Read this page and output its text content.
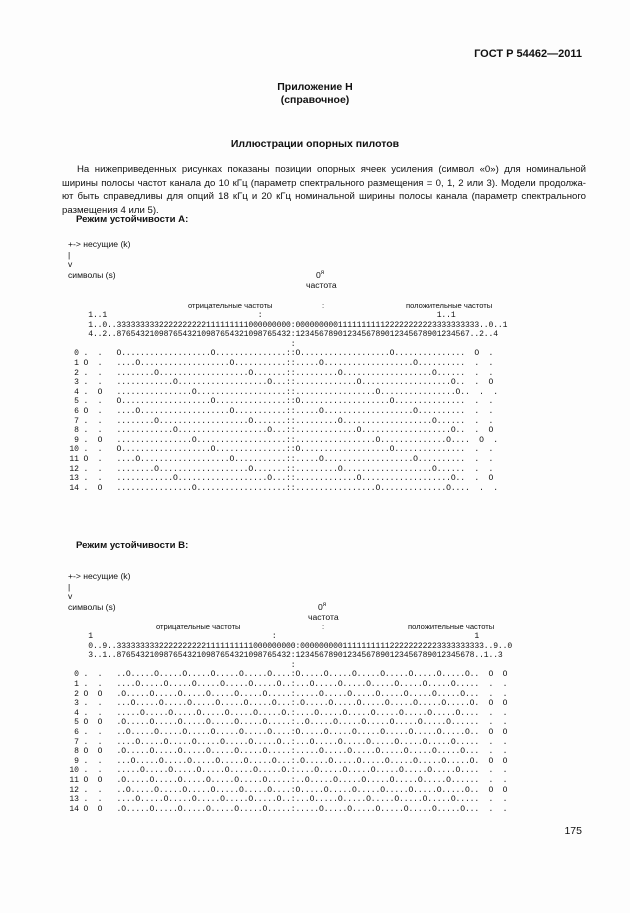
ГОСТ Р 54462—2011
Приложение Н
(справочное)
Иллюстрации опорных пилотов
На нижеприведенных рисунках показаны позиции опорных ячеек усиления (символ «0») для номинальной ширины полосы частот канала до 10 кГц (параметр спектрального размещения = 0, 1, 2 или 3). Модели продолжа-ют быть справедливы для опций 18 кГц и 20 кГц номинальной ширины полосы канала (параметр спектрального размещения 4 или 5).
Режим устойчивости А:
+-> несущие (k)
|
v
символы (s)	$0^я$
частота
отрицательные частоты	:	положительные частоты
1..1                                :                                     1..1
1..0..3333333332222222222111111111000000000:000000000111111111122222222223333333333..0..1
4..2..8765432109876543210987654321098765432:1234567890123456789012345678901234567..2..4
:
0 .  .   O...................O...............::O...................O...............  O  .
1 O  .   ....O...................O...........::.....O...................O..........  .  .
2 .  .   ........O...................O.......::.........O...................O......  .  .
3 .  .   ............O...................O...::.............O...................O..  .  O
4 .  O   ................O...................::.................O................O..  .  .
5 .  .   O...................O...............::O...................O...............  .  .
6 O  .   ....O...................O...........::.....O...................O..........  .  .
7 .  .   ........O...................O.......::.........O...................O......  .  .
8 .  .   ............O...................O...::.............O...................O..  .  O
9 .  O   ................O...................::.................O..............O....  O  .
10 .  .   O...................O...............::O...................O...............  .  .
11 O  .   ....O...................O...........::.....O...................O..........  .  .
12 .  .   ........O...................O.......::.........O...................O......  .  .
13 .  .   ............O...................O...::.............O...................O..  .  O
14 .  O   ................O...................::.................O..............O....  .  .
Режим устойчивости В:
+-> несущие (k)
|
v
символы (s)	$0^я$
частота
отрицательные частоты	:	положительные частоты
1                                      :                                          1
0..9..33333333322222222221111111111000000000:000000000111111111122222222223333333333..9..0
3..1..8765432109876543210987654321098765432:12345678901234567890123456789012345678..1..3
:
0 .  .   ..O.....O.....O.....O.....O.....O....:O.....O.....O.....O.....O.....O.....O..  O  O
1 .  .   ....O.....O.....O.....O.....O.....O..:...O.....O.....O.....O.....O.....O.....  .  .
2 O  O   .O.....O.....O.....O.....O.....O.....:.....O.....O.....O.....O.....O.....O...  .  .
3 .  .   ...O.....O.....O.....O.....O.....O...:.O.....O.....O.....O.....O.....O.....O.  O  O
4 .  .   .....O.....O.....O.....O.....O.....O.:....O.....O.....O.....O.....O.....O....  .  .
5 O  O   .O.....O.....O.....O.....O.....O.....:..O.....O.....O.....O.....O.....O......  .  .
6 .  .   ..O.....O.....O.....O.....O.....O....:O.....O.....O.....O.....O.....O.....O..  O  O
7 .  .   ....O.....O.....O.....O.....O.....O..:...O.....O.....O.....O.....O.....O.....  .  .
8 O  O   .O.....O.....O.....O.....O.....O.....:.....O.....O.....O.....O.....O.....O...  .  .
9 .  .   ...O.....O.....O.....O.....O.....O...:.O.....O.....O.....O.....O.....O.....O.  O  O
10 .  .   .....O.....O.....O.....O.....O.....O.:....O.....O.....O.....O.....O.....O....  .  .
11 O  O   .O.....O.....O.....O.....O.....O.....:..O.....O.....O.....O.....O.....O......  .  .
12 .  .   ..O.....O.....O.....O.....O.....O....:O.....O.....O.....O.....O.....O.....O..  O  O
13 .  .   ....O.....O.....O.....O.....O.....O..:...O.....O.....O.....O.....O.....O.....  .  .
14 O  O   .O.....O.....O.....O.....O.....O.....:.....O.....O.....O.....O.....O.....O...  .  .
175
